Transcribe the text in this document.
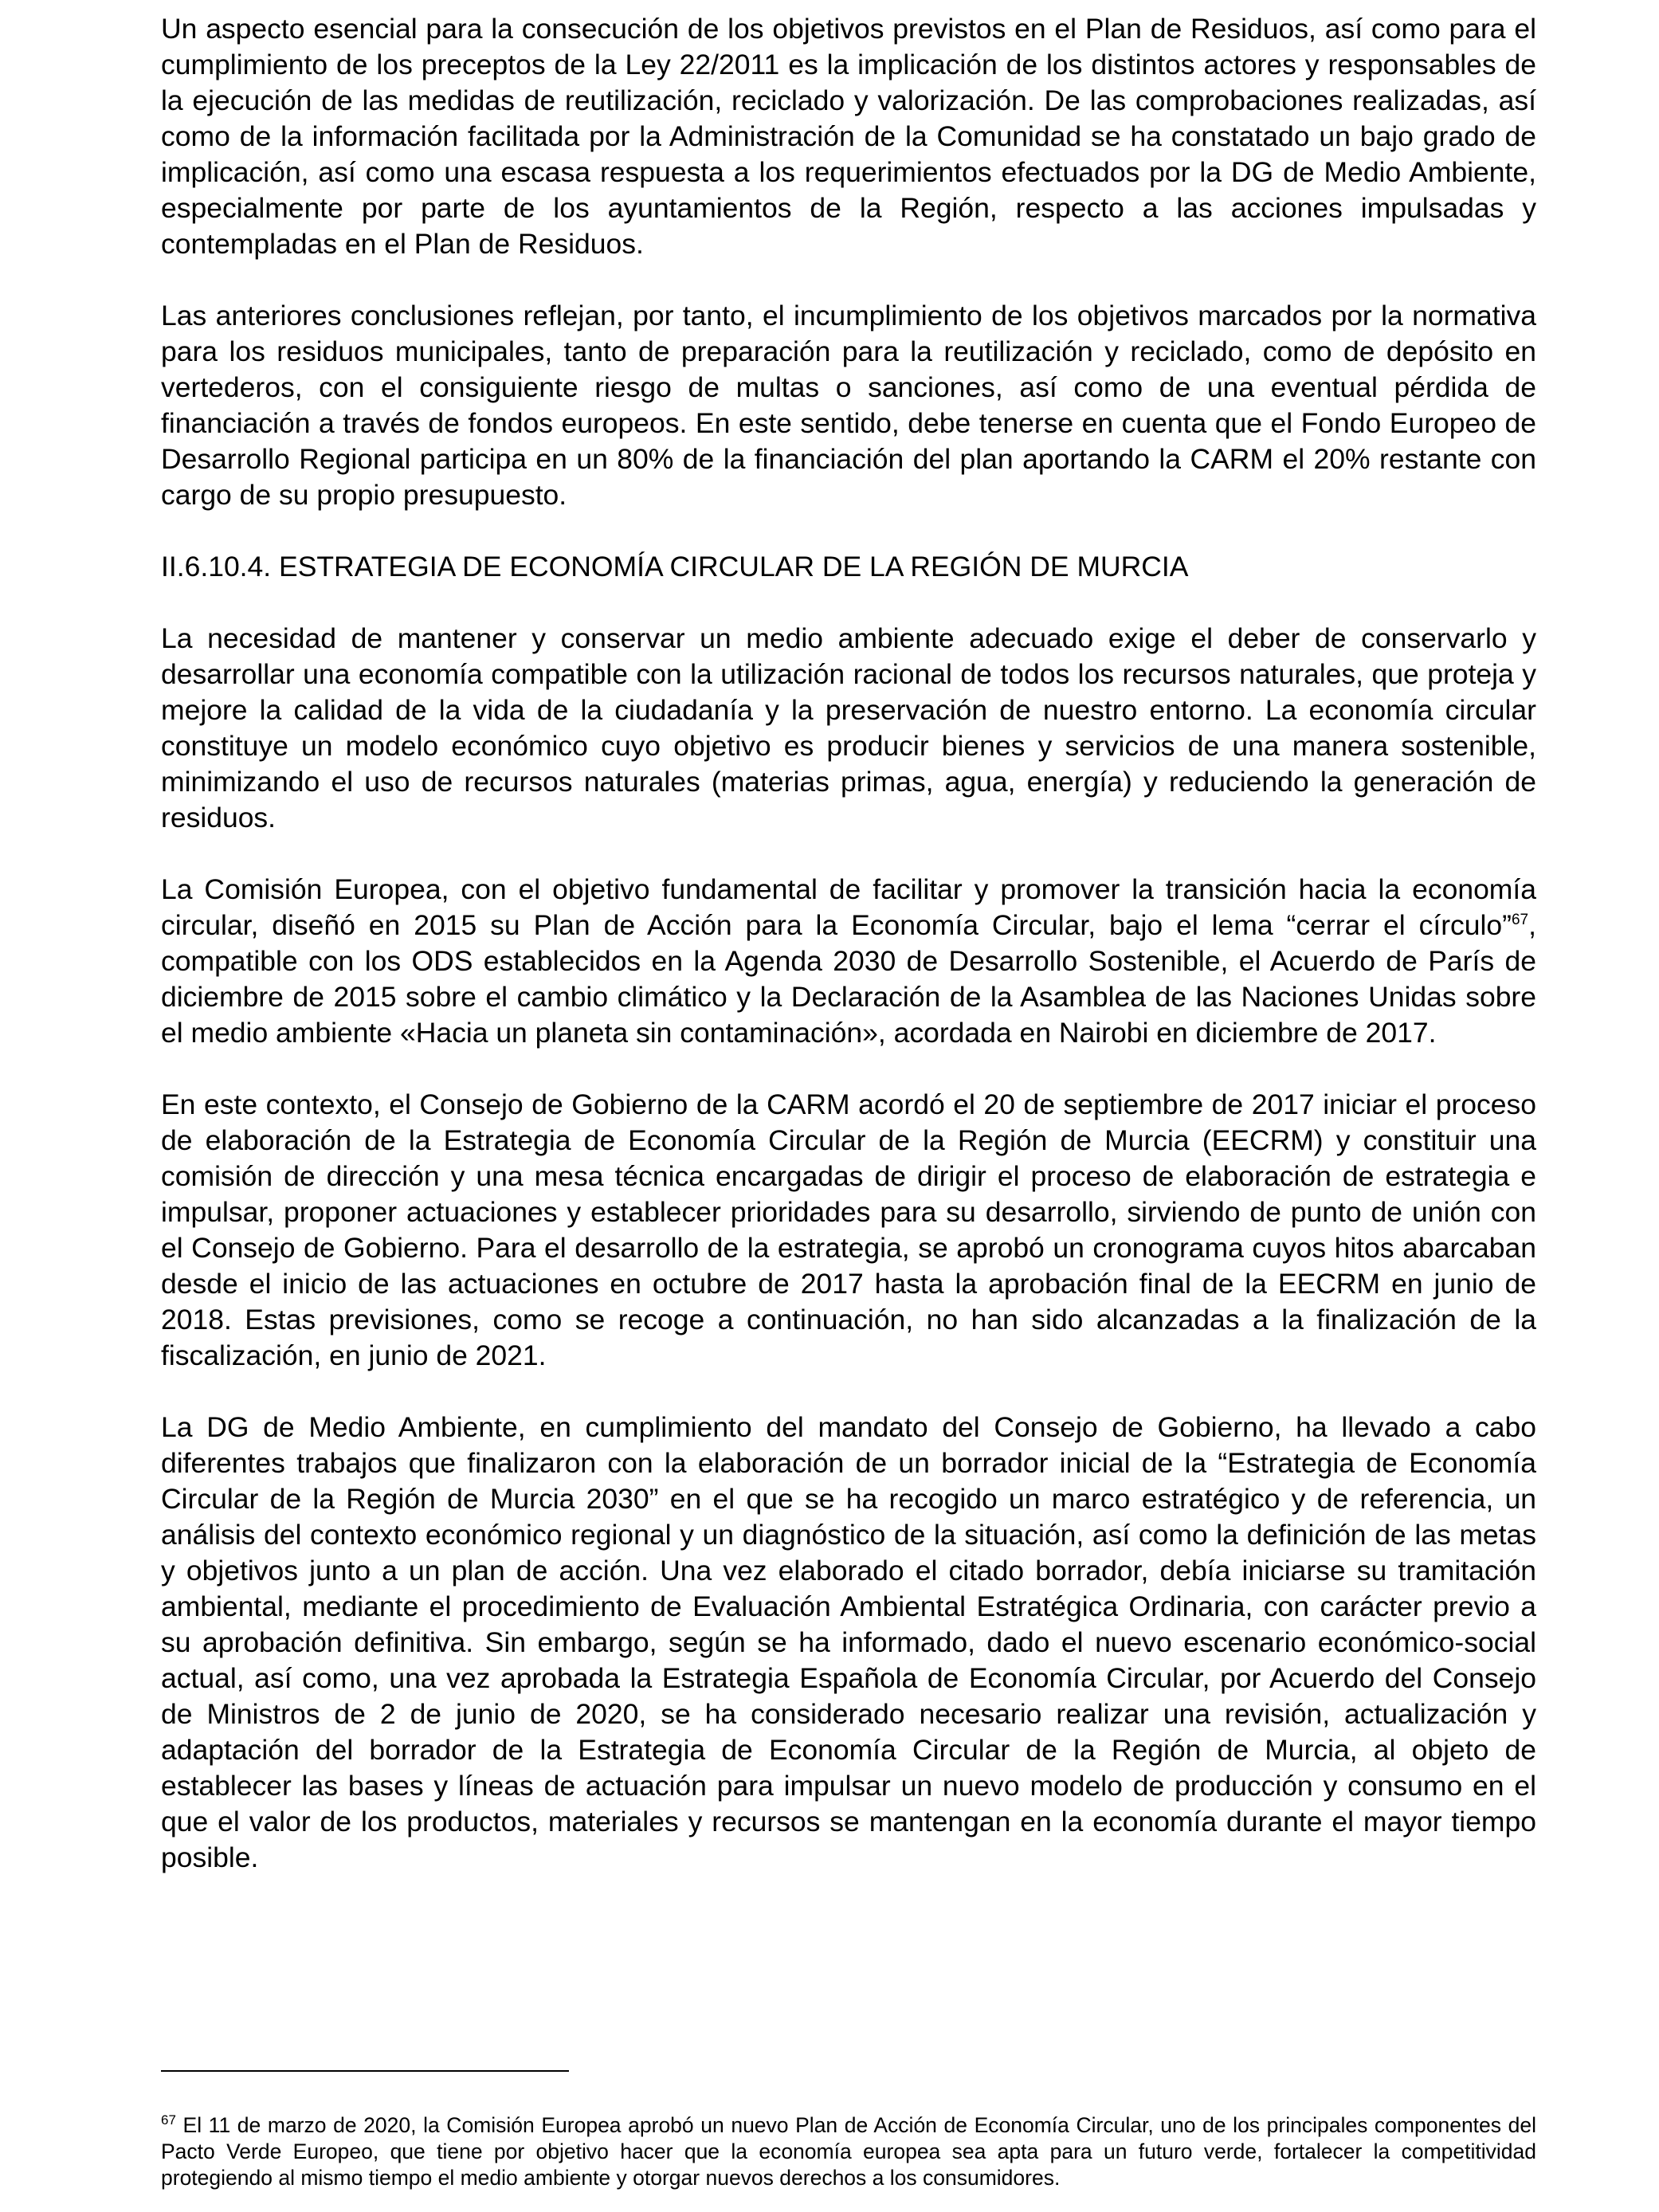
Un aspecto esencial para la consecución de los objetivos previstos en el Plan de Residuos, así como para el cumplimiento de los preceptos de la Ley 22/2011 es la implicación de los distintos actores y responsables de la ejecución de las medidas de reutilización, reciclado y valorización. De las comprobaciones realizadas, así como de la información facilitada por la Administración de la Comunidad se ha constatado un bajo grado de implicación, así como una escasa respuesta a los requerimientos efectuados por la DG de Medio Ambiente, especialmente por parte de los ayuntamientos de la Región, respecto a las acciones impulsadas y contempladas en el Plan de Residuos.

Las anteriores conclusiones reflejan, por tanto, el incumplimiento de los objetivos marcados por la normativa para los residuos municipales, tanto de preparación para la reutilización y reciclado, como de depósito en vertederos, con el consiguiente riesgo de multas o sanciones, así como de una eventual pérdida de financiación a través de fondos europeos. En este sentido, debe tenerse en cuenta que el Fondo Europeo de Desarrollo Regional participa en un 80% de la financiación del plan aportando la CARM el 20% restante con cargo de su propio presupuesto.

II.6.10.4. ESTRATEGIA DE ECONOMÍA CIRCULAR DE LA REGIÓN DE MURCIA

La necesidad de mantener y conservar un medio ambiente adecuado exige el deber de conservarlo y desarrollar una economía compatible con la utilización racional de todos los recursos naturales, que proteja y mejore la calidad de la vida de la ciudadanía y la preservación de nuestro entorno. La economía circular constituye un modelo económico cuyo objetivo es producir bienes y servicios de una manera sostenible, minimizando el uso de recursos naturales (materias primas, agua, energía) y reduciendo la generación de residuos.

La Comisión Europea, con el objetivo fundamental de facilitar y promover la transición hacia la economía circular, diseñó en 2015 su Plan de Acción para la Economía Circular, bajo el lema “cerrar el círculo”$^{67}$, compatible con los ODS establecidos en la Agenda 2030 de Desarrollo Sostenible, el Acuerdo de París de diciembre de 2015 sobre el cambio climático y la Declaración de la Asamblea de las Naciones Unidas sobre el medio ambiente «Hacia un planeta sin contaminación», acordada en Nairobi en diciembre de 2017.

En este contexto, el Consejo de Gobierno de la CARM acordó el 20 de septiembre de 2017 iniciar el proceso de elaboración de la Estrategia de Economía Circular de la Región de Murcia (EECRM) y constituir una comisión de dirección y una mesa técnica encargadas de dirigir el proceso de elaboración de estrategia e impulsar, proponer actuaciones y establecer prioridades para su desarrollo, sirviendo de punto de unión con el Consejo de Gobierno. Para el desarrollo de la estrategia, se aprobó un cronograma cuyos hitos abarcaban desde el inicio de las actuaciones en octubre de 2017 hasta la aprobación final de la EECRM en junio de 2018. Estas previsiones, como se recoge a continuación, no han sido alcanzadas a la finalización de la fiscalización, en junio de 2021.

La DG de Medio Ambiente, en cumplimiento del mandato del Consejo de Gobierno, ha llevado a cabo diferentes trabajos que finalizaron con la elaboración de un borrador inicial de la “Estrategia de Economía Circular de la Región de Murcia 2030” en el que se ha recogido un marco estratégico y de referencia, un análisis del contexto económico regional y un diagnóstico de la situación, así como la definición de las metas y objetivos junto a un plan de acción. Una vez elaborado el citado borrador, debía iniciarse su tramitación ambiental, mediante el procedimiento de Evaluación Ambiental Estratégica Ordinaria, con carácter previo a su aprobación definitiva. Sin embargo, según se ha informado, dado el nuevo escenario económico-social actual, así como, una vez aprobada la Estrategia Española de Economía Circular, por Acuerdo del Consejo de Ministros de 2 de junio de 2020, se ha considerado necesario realizar una revisión, actualización y adaptación del borrador de la Estrategia de Economía Circular de la Región de Murcia, al objeto de establecer las bases y líneas de actuación para impulsar un nuevo modelo de producción y consumo en el que el valor de los productos, materiales y recursos se mantengan en la economía durante el mayor tiempo posible.

$^{67}$ El 11 de marzo de 2020, la Comisión Europea aprobó un nuevo Plan de Acción de Economía Circular, uno de los principales componentes del Pacto Verde Europeo, que tiene por objetivo hacer que la economía europea sea apta para un futuro verde, fortalecer la competitividad protegiendo al mismo tiempo el medio ambiente y otorgar nuevos derechos a los consumidores.
